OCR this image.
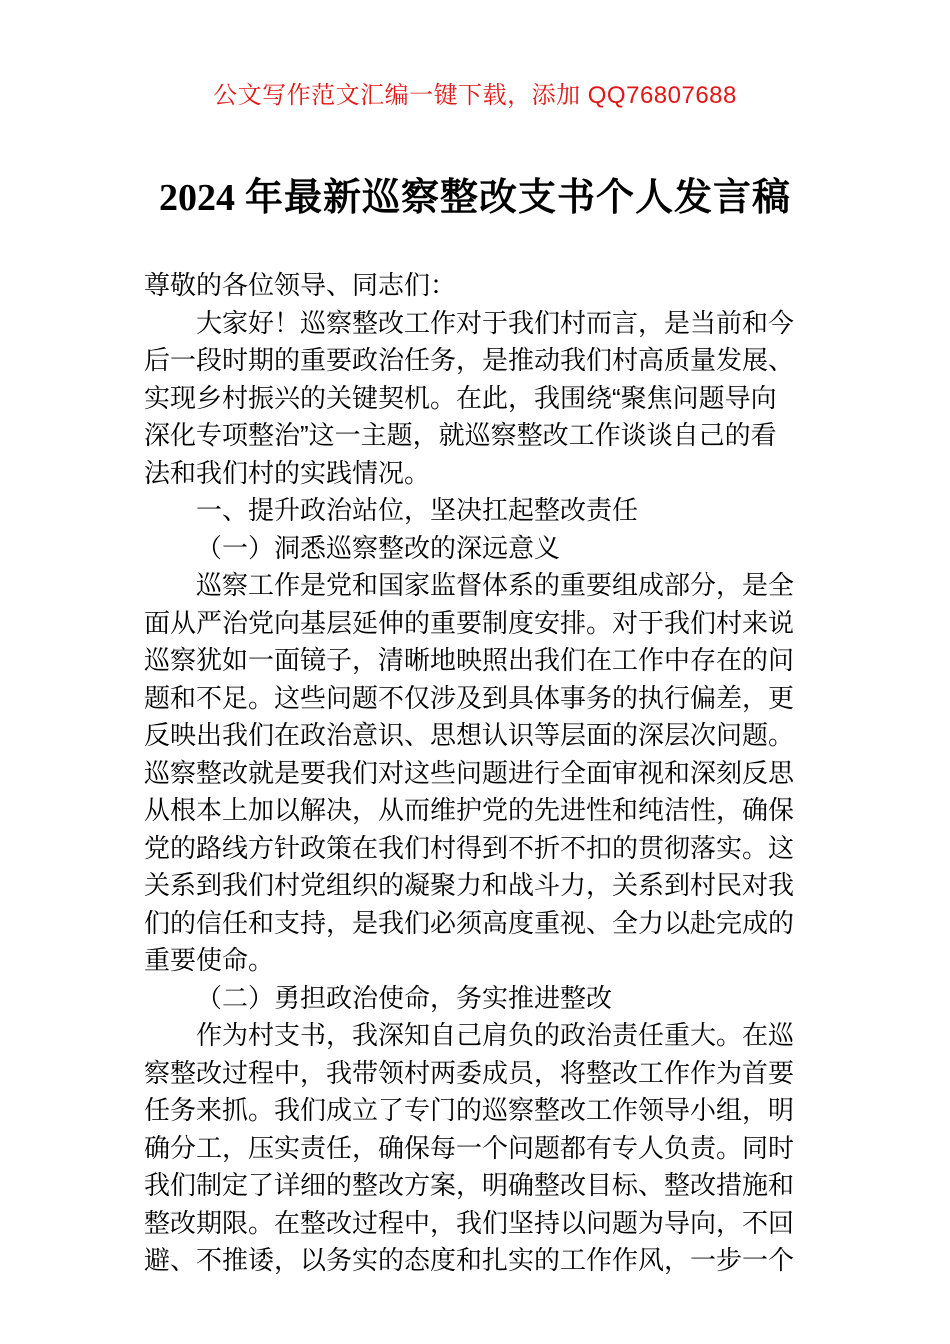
公文写作范文汇编一键下载，添加 QQ76807688
2024 年最新巡察整改支书个人发言稿
尊敬的各位领导、同志们：
大家好！巡察整改工作对于我们村而言，是当前和今
后一段时期的重要政治任务，是推动我们村高质量发展、
实现乡村振兴的关键契机。在此，我围绕“聚焦问题导向
深化专项整治”这一主题，就巡察整改工作谈谈自己的看
法和我们村的实践情况。
一、提升政治站位，坚决扛起整改责任
（一）洞悉巡察整改的深远意义
巡察工作是党和国家监督体系的重要组成部分，是全
面从严治党向基层延伸的重要制度安排。对于我们村来说
巡察犹如一面镜子，清晰地映照出我们在工作中存在的问
题和不足。这些问题不仅涉及到具体事务的执行偏差，更
反映出我们在政治意识、思想认识等层面的深层次问题。
巡察整改就是要我们对这些问题进行全面审视和深刻反思
从根本上加以解决，从而维护党的先进性和纯洁性，确保
党的路线方针政策在我们村得到不折不扣的贯彻落实。这
关系到我们村党组织的凝聚力和战斗力，关系到村民对我
们的信任和支持，是我们必须高度重视、全力以赴完成的
重要使命。
（二）勇担政治使命，务实推进整改
作为村支书，我深知自己肩负的政治责任重大。在巡
察整改过程中，我带领村两委成员，将整改工作作为首要
任务来抓。我们成立了专门的巡察整改工作领导小组，明
确分工，压实责任，确保每一个问题都有专人负责。同时
我们制定了详细的整改方案，明确整改目标、整改措施和
整改期限。在整改过程中，我们坚持以问题为导向，不回
避、不推诿，以务实的态度和扎实的工作作风，一步一个
